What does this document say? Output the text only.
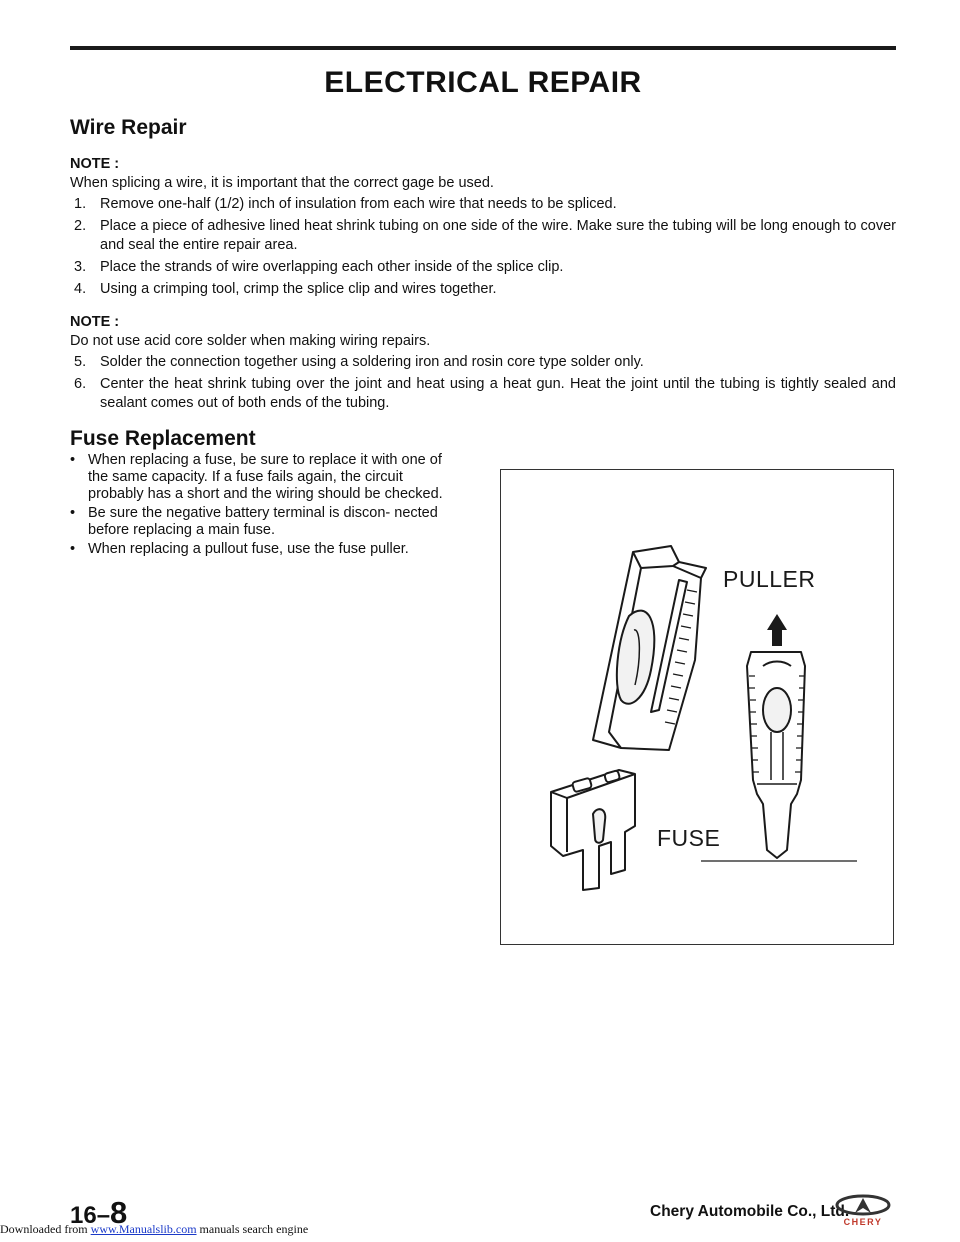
ELECTRICAL REPAIR
Wire Repair
NOTE :
When splicing a wire, it is important that the correct gage be used.
1. Remove one-half (1/2) inch of insulation from each wire that needs to be spliced.
2. Place a piece of adhesive lined heat shrink tubing on one side of the wire. Make sure the tubing will be long enough to cover and seal the entire repair area.
3. Place the strands of wire overlapping each other inside of the splice clip.
4. Using a crimping tool, crimp the splice clip and wires together.
NOTE :
Do not use acid core solder when making wiring repairs.
5. Solder the connection together using a soldering iron and rosin core type solder only.
6. Center the heat shrink tubing over the joint and heat using a heat gun. Heat the joint until the tubing is tightly sealed and sealant comes out of both ends of the tubing.
Fuse Replacement
• When replacing a fuse, be sure to replace it with one of the same capacity. If a fuse fails again, the circuit probably has a short and the wiring should be checked.
• Be sure the negative battery terminal is discon- nected before replacing a main fuse.
• When replacing a pullout fuse, use the fuse puller.
PULLER
FUSE
16–8	Chery Automobile Co., Ltd.
CHERY
Downloaded from www.Manualslib.com manuals search engine
